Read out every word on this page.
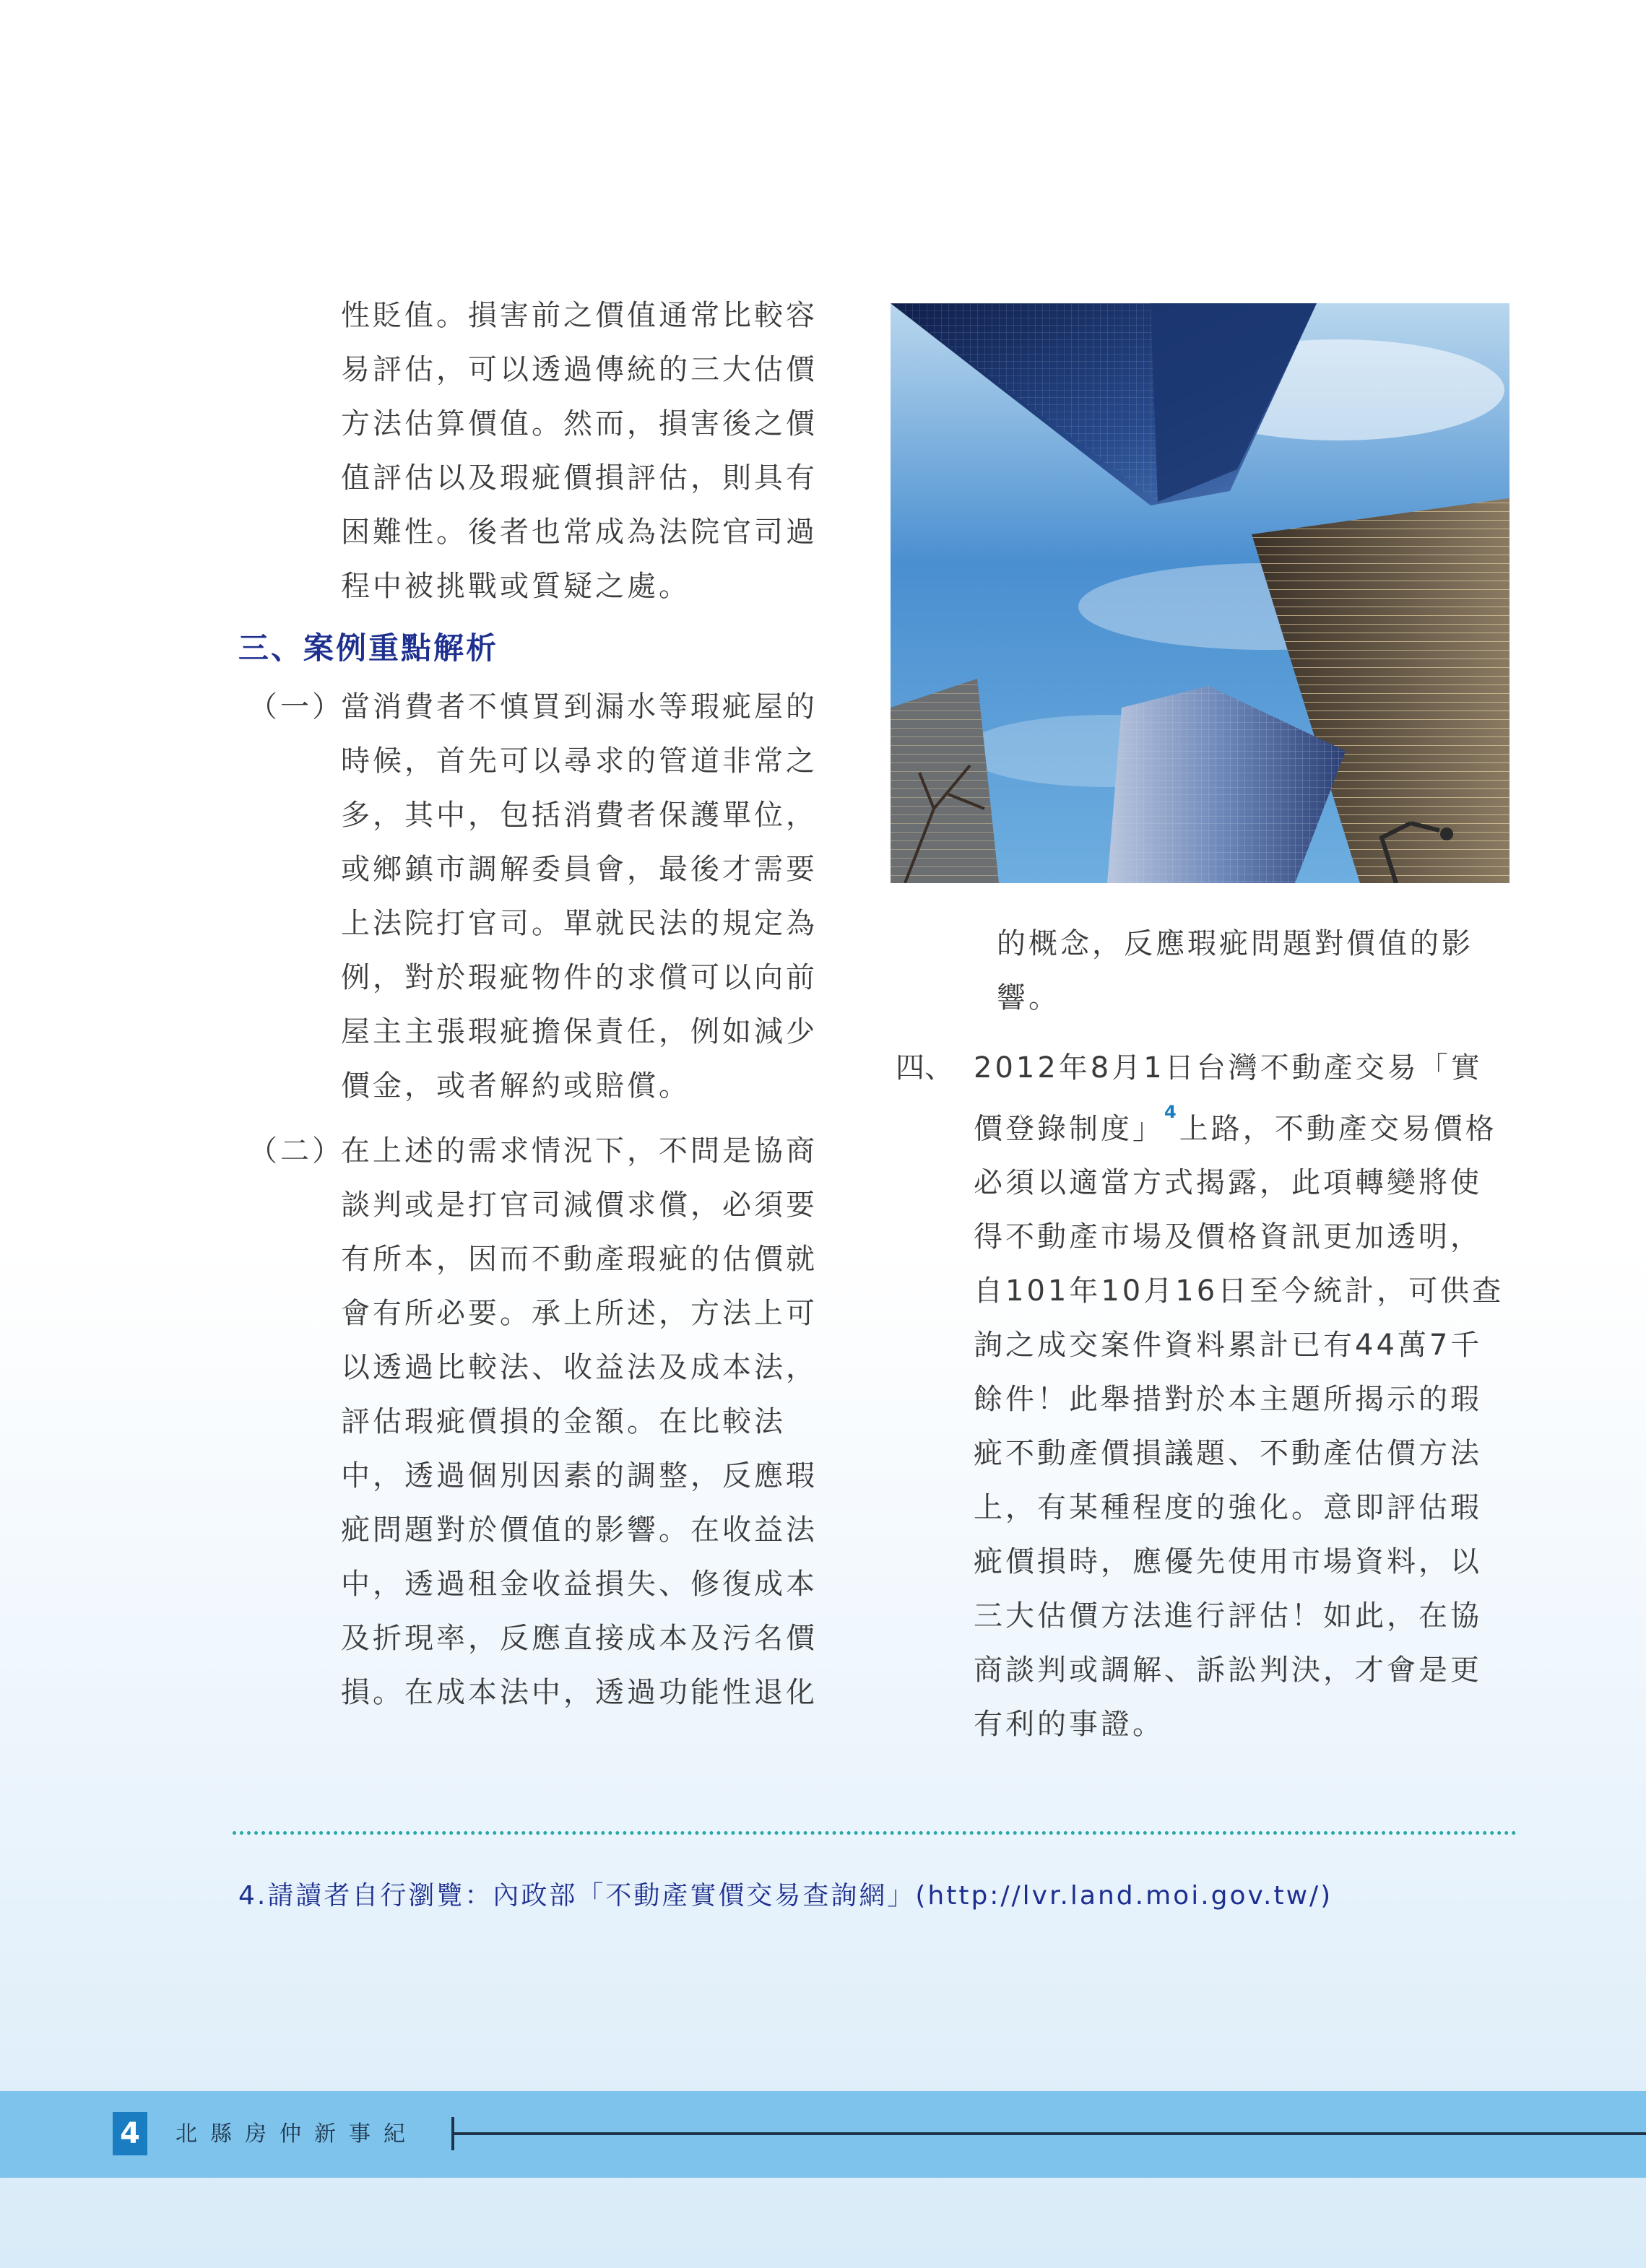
性貶值。損害前之價值通常比較容
易評估，可以透過傳統的三大估價
方法估算價值。然而，損害後之價
值評估以及瑕疵價損評估，則具有
困難性。後者也常成為法院官司過
程中被挑戰或質疑之處。
三、案例重點解析
（一）
當消費者不慎買到漏水等瑕疵屋的
時候，首先可以尋求的管道非常之
多，其中，包括消費者保護單位，
或鄉鎮市調解委員會，最後才需要
上法院打官司。單就民法的規定為
例，對於瑕疵物件的求償可以向前
屋主主張瑕疵擔保責任，例如減少
價金，或者解約或賠償。
（二）
在上述的需求情況下，不問是協商
談判或是打官司減價求償，必須要
有所本，因而不動產瑕疵的估價就
會有所必要。承上所述，方法上可
以透過比較法、收益法及成本法，
評估瑕疵價損的金額。在比較法
中，透過個別因素的調整，反應瑕
疵問題對於價值的影響。在收益法
中，透過租金收益損失、修復成本
及折現率，反應直接成本及污名價
損。在成本法中，透過功能性退化
的概念，反應瑕疵問題對價值的影
響。
四、 2012年8月1日台灣不動產交易「實
價登錄制度」$^4$上路，不動產交易價格
必須以適當方式揭露，此項轉變將使
得不動產市場及價格資訊更加透明，
自101年10月16日至今統計，可供查
詢之成交案件資料累計已有44萬7千
餘件！此舉措對於本主題所揭示的瑕
疵不動產價損議題、不動產估價方法
上，有某種程度的強化。意即評估瑕
疵價損時，應優先使用市場資料，以
三大估價方法進行評估！如此，在協
商談判或調解、訴訟判決，才會是更
有利的事證。
4.請讀者自行瀏覽：內政部「不動產實價交易查詢網」(http://lvr.land.moi.gov.tw/)
4	北縣房仲新事紀
